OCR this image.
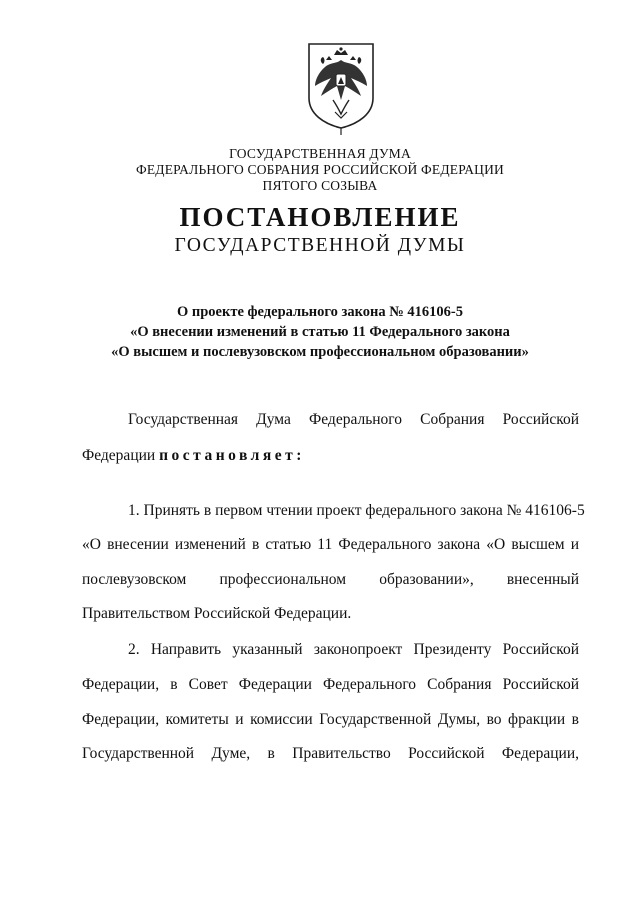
ГОСУДАРСТВЕННАЯ ДУМА
ФЕДЕРАЛЬНОГО СОБРАНИЯ РОССИЙСКОЙ ФЕДЕРАЦИИ
ПЯТОГО СОЗЫВА
ПОСТАНОВЛЕНИЕ
ГОСУДАРСТВЕННОЙ ДУМЫ
О проекте федерального закона № 416106-5
«О внесении изменений в статью 11 Федерального закона
«О высшем и послевузовском профессиональном образовании»
Государственная Дума Федерального Собрания Российской
Федерации постановляет:
1. Принять в первом чтении проект федерального закона № 416106-5
«О внесении изменений в статью 11 Федерального закона «О высшем и
послевузовском профессиональном образовании», внесенный
Правительством Российской Федерации.
2. Направить указанный законопроект Президенту Российской
Федерации, в Совет Федерации Федерального Собрания Российской
Федерации, комитеты и комиссии Государственной Думы, во фракции в
Государственной Думе, в Правительство Российской Федерации,
